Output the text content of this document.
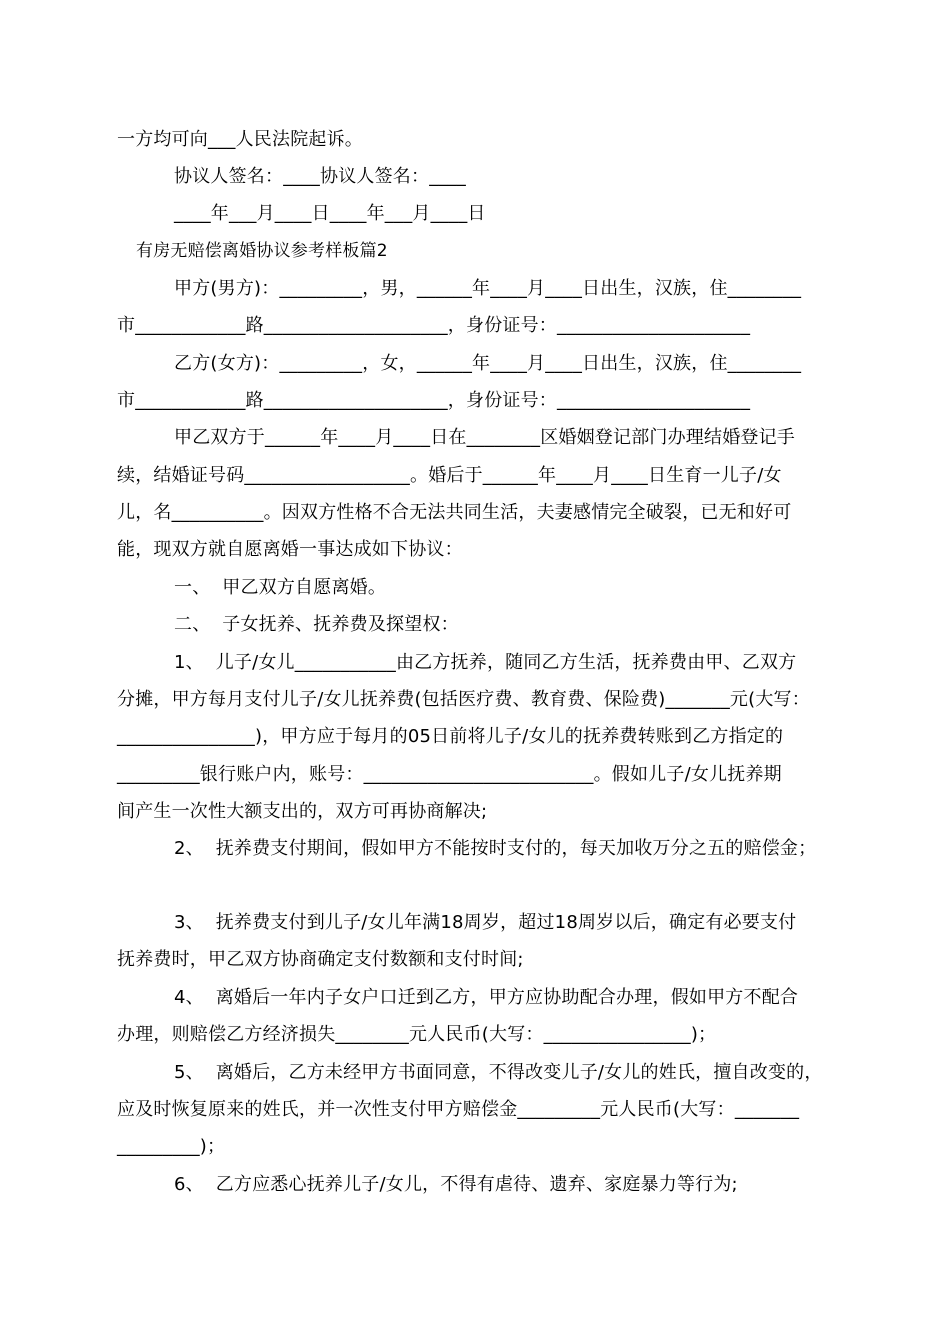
一方均可向___人民法院起诉。
协议人签名：____协议人签名：____
____年___月____日____年___月____日
有房无赔偿离婚协议参考样板篇2
甲方(男方)：_________，男，______年____月____日出生，汉族，住________
市____________路____________________，身份证号：_____________________
乙方(女方)：_________，女，______年____月____日出生，汉族，住________
市____________路____________________，身份证号：_____________________
甲乙双方于______年____月____日在________区婚姻登记部门办理结婚登记手
续，结婚证号码__________________。婚后于______年____月____日生育一儿子/女
儿，名__________。因双方性格不合无法共同生活，夫妻感情完全破裂，已无和好可
能，现双方就自愿离婚一事达成如下协议：
一、  甲乙双方自愿离婚。
二、  子女抚养、抚养费及探望权：
1、  儿子/女儿___________由乙方抚养，随同乙方生活，抚养费由甲、乙双方
分摊，甲方每月支付儿子/女儿抚养费(包括医疗费、教育费、保险费)_______元(大写：
_______________)，甲方应于每月的05日前将儿子/女儿的抚养费转账到乙方指定的
_________银行账户内，账号：_________________________。假如儿子/女儿抚养期
间产生一次性大额支出的，双方可再协商解决;
2、  抚养费支付期间，假如甲方不能按时支付的，每天加收万分之五的赔偿金；
3、  抚养费支付到儿子/女儿年满18周岁，超过18周岁以后，确定有必要支付
抚养费时，甲乙双方协商确定支付数额和支付时间;
4、  离婚后一年内子女户口迁到乙方，甲方应协助配合办理，假如甲方不配合
办理，则赔偿乙方经济损失________元人民币(大写：________________)；
5、  离婚后，乙方未经甲方书面同意，不得改变儿子/女儿的姓氏，擅自改变的，
应及时恢复原来的姓氏，并一次性支付甲方赔偿金_________元人民币(大写：_______
_________)；
6、  乙方应悉心抚养儿子/女儿，不得有虐待、遗弃、家庭暴力等行为;
